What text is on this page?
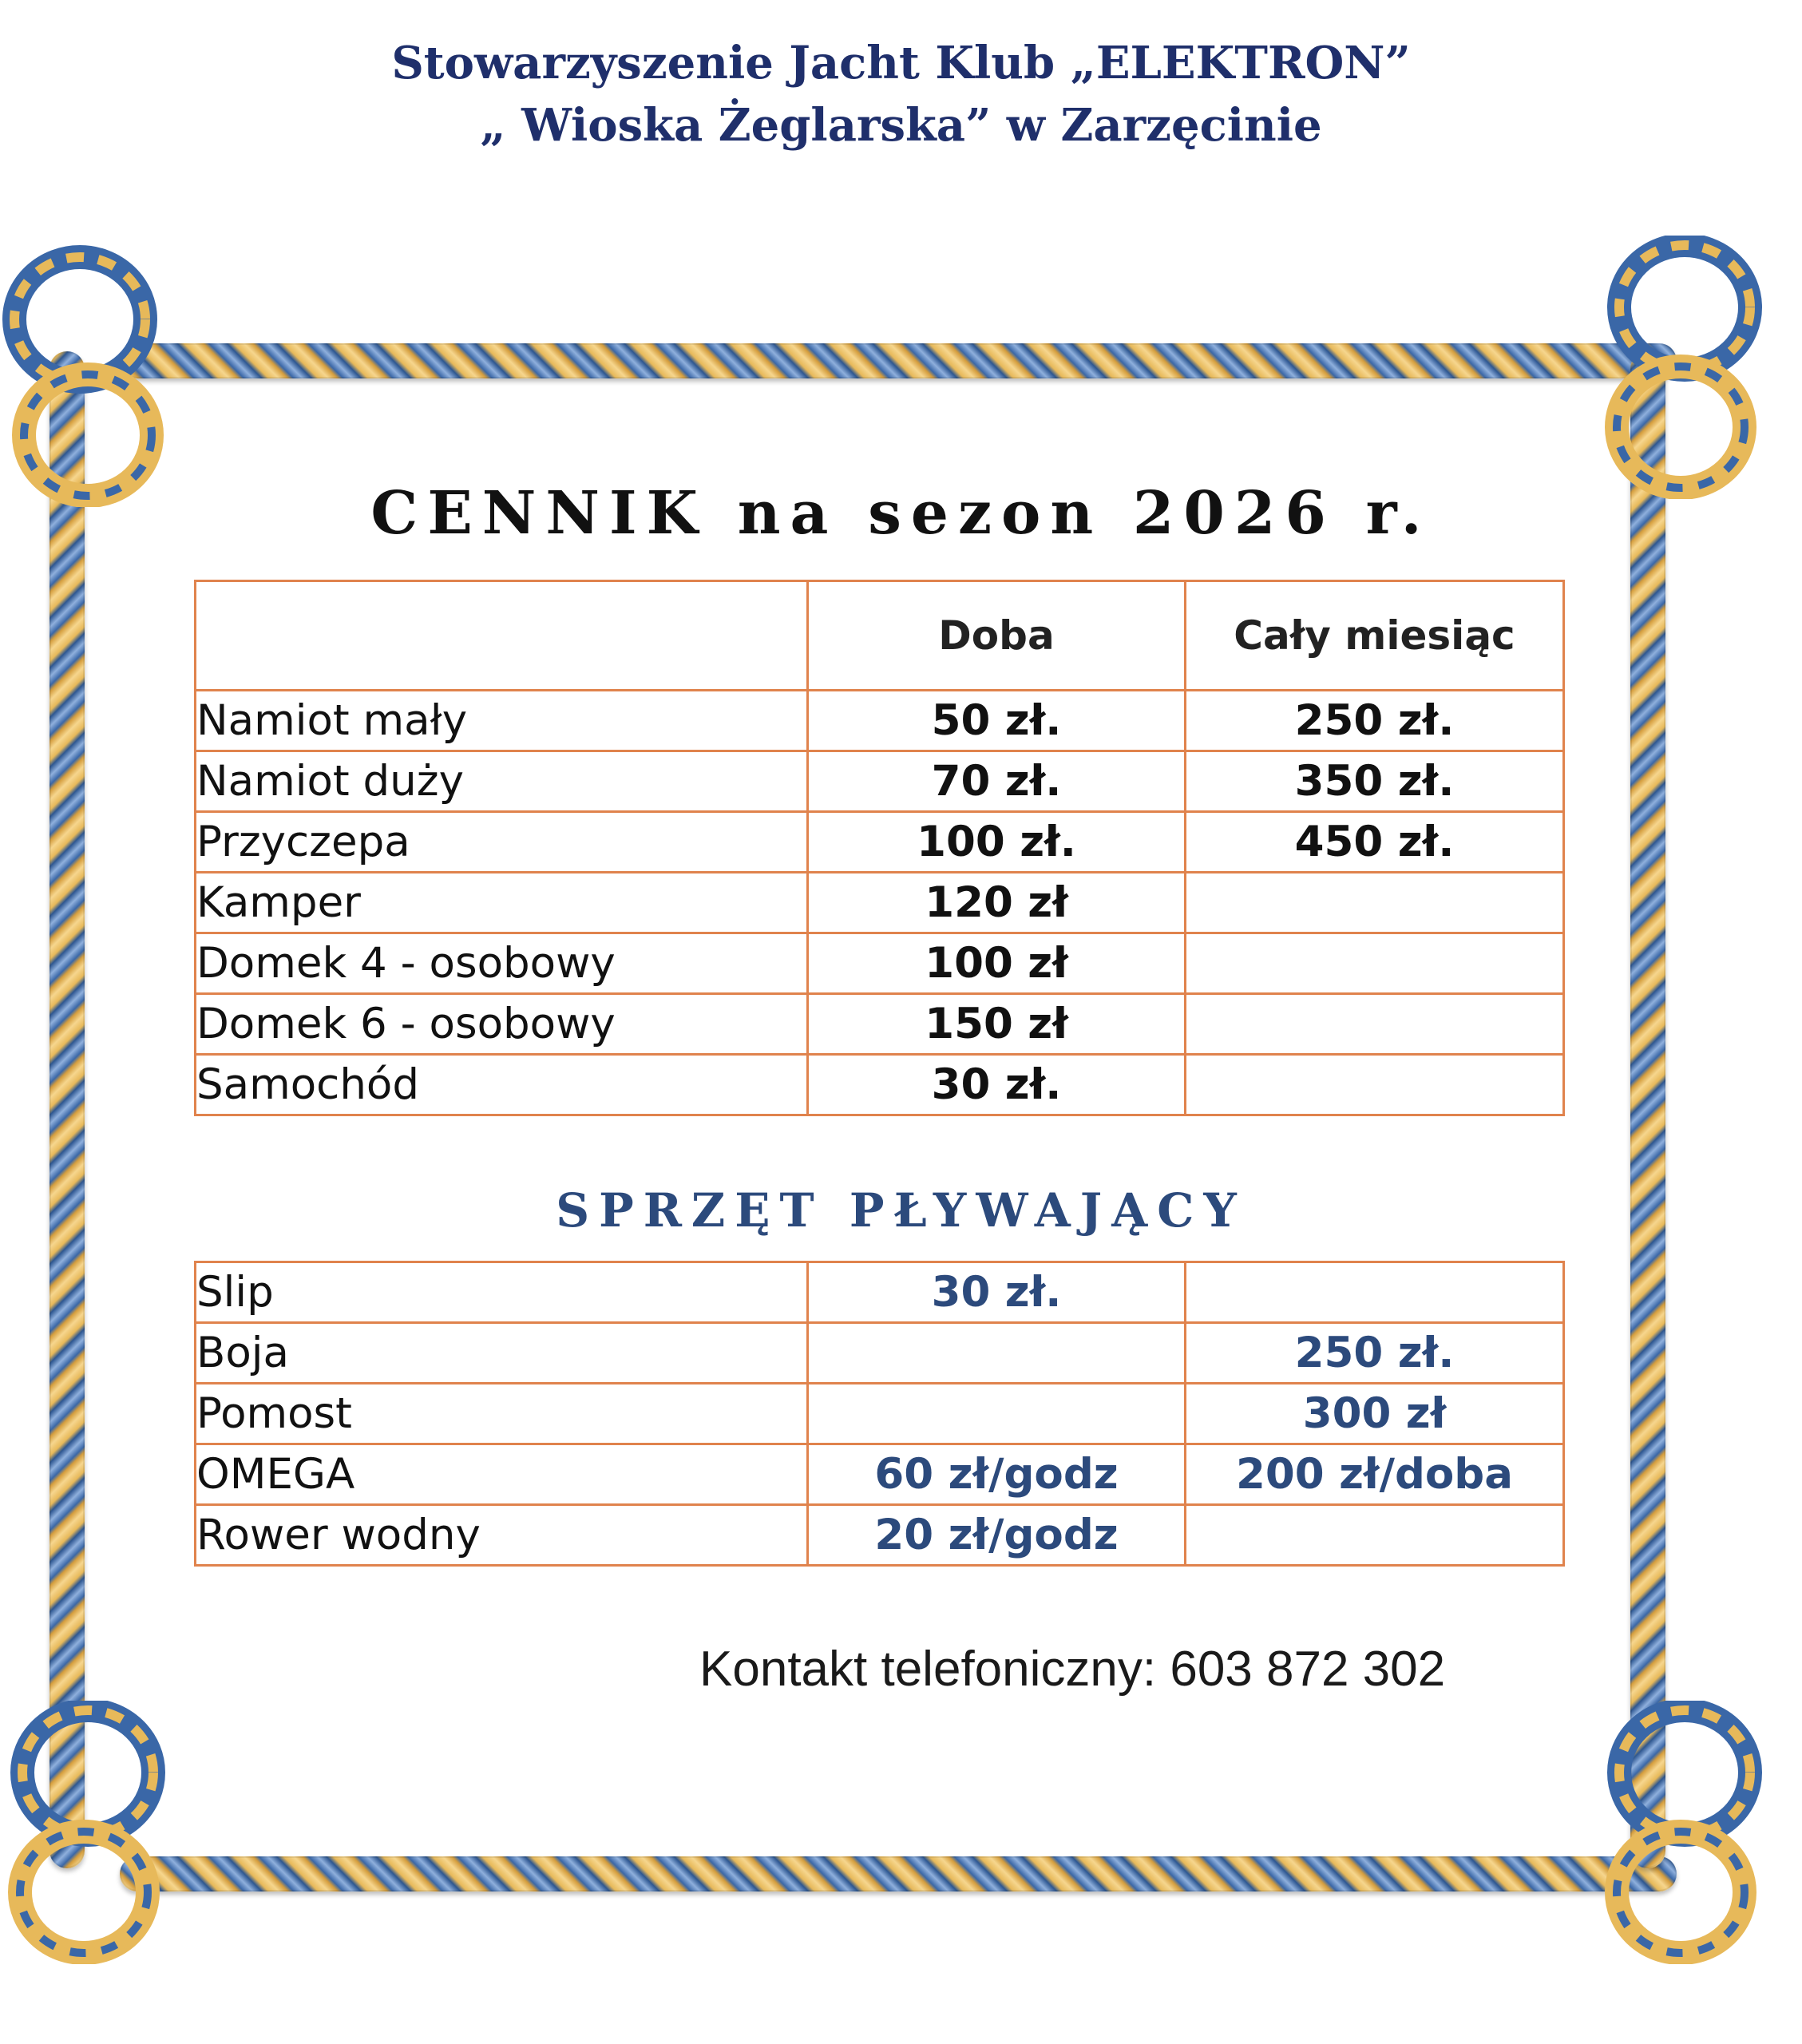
Stowarzyszenie Jacht Klub „ELEKTRON”
„ Wioska Żeglarska” w Zarzęcinie
CENNIK na sezon 2026 r.
	Doba	Cały miesiąc
Namiot mały	50 zł.	250 zł.
Namiot duży	70 zł.	350 zł.
Przyczepa	100 zł.	450 zł.
Kamper	120 zł	
Domek 4 - osobowy	100 zł	
Domek 6 - osobowy	150 zł	
Samochód	30 zł.	
SPRZĘT PŁYWAJĄCY
Slip	30 zł.	
Boja		250 zł.
Pomost		300 zł
OMEGA	60 zł/godz	200 zł/doba
Rower wodny	20 zł/godz	
Kontakt telefoniczny: 603 872 302
